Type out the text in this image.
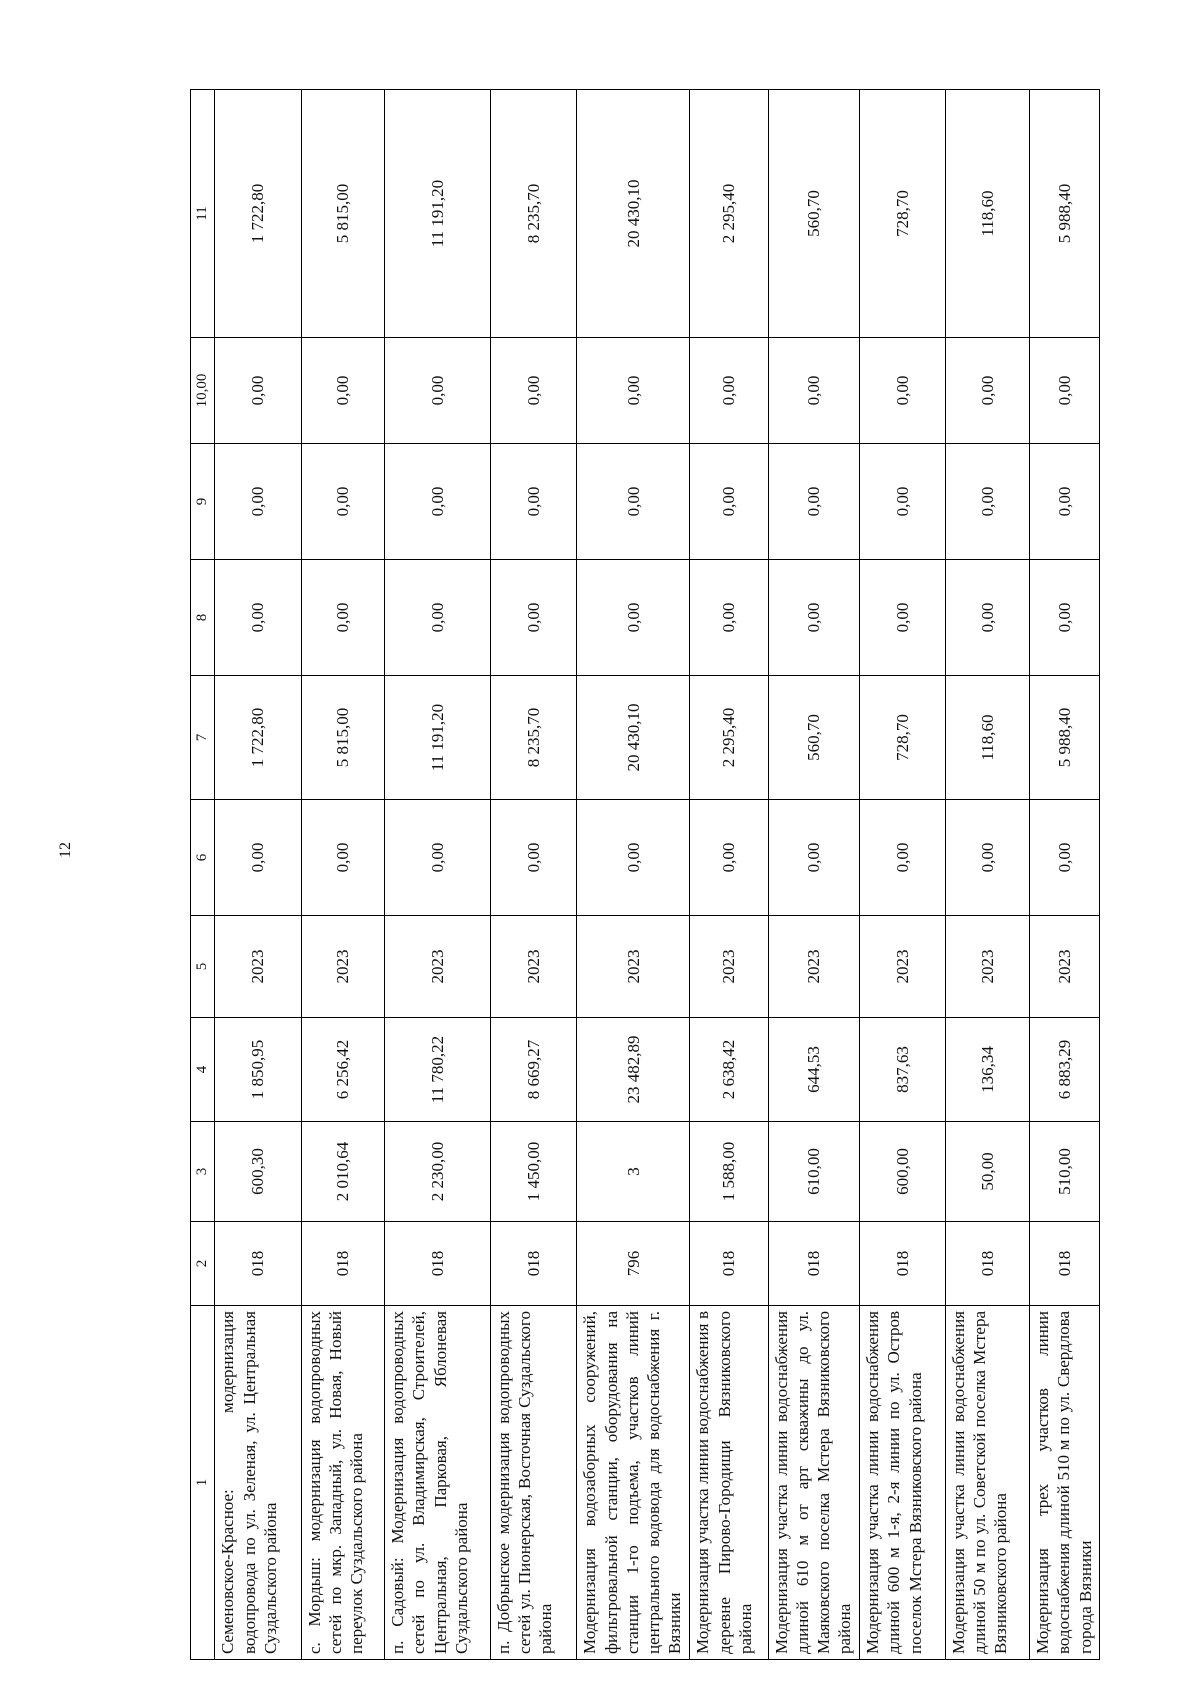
12
1	2	3	4	5	6	7	8	9	10,00	11
Семеновское-Красное: модернизация водопровода по ул. Зеленая, ул. Центральная Суздальского района	018	600,30	1 850,95	2023	0,00	1 722,80	0,00	0,00	0,00	1 722,80
с. Мордыш: модернизация водопроводных сетей по мкр. Западный, ул. Новая, Новый переулок Суздальского района	018	2 010,64	6 256,42	2023	0,00	5 815,00	0,00	0,00	0,00	5 815,00
п. Садовый: Модернизация водопроводных сетей по ул. Владимирская, Строителей, Центральная, Парковая, Яблоневая Суздальского района	018	2 230,00	11 780,22	2023	0,00	11 191,20	0,00	0,00	0,00	11 191,20
п. Добрынское модернизация водопроводных сетей ул. Пионерская, Восточная Суздальского района	018	1 450,00	8 669,27	2023	0,00	8 235,70	0,00	0,00	0,00	8 235,70
Модернизация водозаборных сооружений, фильтровальной станции, оборудования на станции 1-го подъема, участков линий центрального водовода для водоснабжения г. Вязники	796	3	23 482,89	2023	0,00	20 430,10	0,00	0,00	0,00	20 430,10
Модернизация участка линии водоснабжения в деревне Пирово-Городищи Вязниковского района	018	1 588,00	2 638,42	2023	0,00	2 295,40	0,00	0,00	0,00	2 295,40
Модернизация участка линии водоснабжения длиной 610 м от арт скважины до ул. Маяковского поселка Мстера Вязниковского района	018	610,00	644,53	2023	0,00	560,70	0,00	0,00	0,00	560,70
Модернизация участка линии водоснабжения длиной 600 м 1-я, 2-я линии по ул. Остров поселок Мстера Вязниковского района	018	600,00	837,63	2023	0,00	728,70	0,00	0,00	0,00	728,70
Модернизация участка линии водоснабжения длиной 50 м по ул. Советской поселка Мстера Вязниковского района	018	50,00	136,34	2023	0,00	118,60	0,00	0,00	0,00	118,60
Модернизация трех участков линии водоснабжения длиной 510 м по ул. Свердлова города Вязники	018	510,00	6 883,29	2023	0,00	5 988,40	0,00	0,00	0,00	5 988,40
